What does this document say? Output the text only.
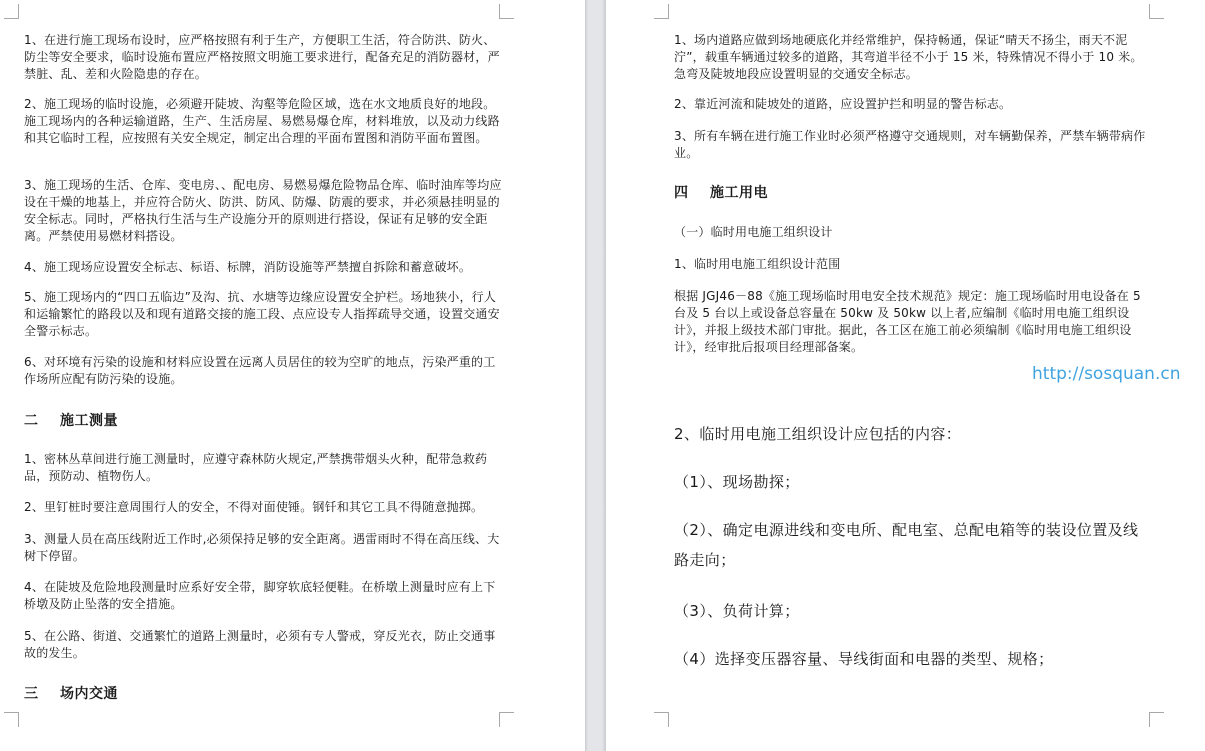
1、在进行施工现场布设时，应严格按照有利于生产，方便职工生活，符合防洪、防火、防尘等安全要求，临时设施布置应严格按照文明施工要求进行，配备充足的消防器材，严禁脏、乱、差和火险隐患的存在。

2、施工现场的临时设施，必须避开陡坡、沟壑等危险区域，选在水文地质良好的地段。施工现场内的各种运输道路，生产、生活房屋、易燃易爆仓库，材料堆放，以及动力线路和其它临时工程，应按照有关安全规定，制定出合理的平面布置图和消防平面布置图。

3、施工现场的生活、仓库、变电房、、配电房、易燃易爆危险物品仓库、临时油库等均应设在干燥的地基上，并应符合防火、防洪、防风、防爆、防震的要求，并必须悬挂明显的安全标志。同时，严格执行生活与生产设施分开的原则进行搭设，保证有足够的安全距离。严禁使用易燃材料搭设。

4、施工现场应设置安全标志、标语、标牌，消防设施等严禁擅自拆除和蓄意破坏。

5、施工现场内的“四口五临边”及沟、抗、水塘等边缘应设置安全护栏。场地狭小，行人和运输繁忙的路段以及和现有道路交接的施工段、点应设专人指挥疏导交通，设置交通安全警示标志。

6、对环境有污染的设施和材料应设置在远离人员居住的较为空旷的地点，污染严重的工作场所应配有防污染的设施。

二 施工测量

1、密林丛草间进行施工测量时，应遵守森林防火规定,严禁携带烟头火种，配带急救药品，预防动、植物伤人。

2、里钉桩时要注意周围行人的安全，不得对面使锤。钢钎和其它工具不得随意抛掷。

3、测量人员在高压线附近工作时,必须保持足够的安全距离。遇雷雨时不得在高压线、大树下停留。

4、在陡坡及危险地段测量时应系好安全带，脚穿软底轻便鞋。在桥墩上测量时应有上下桥墩及防止坠落的安全措施。

5、在公路、街道、交通繁忙的道路上测量时，必须有专人警戒，穿反光衣，防止交通事故的发生。

三 场内交通

1、场内道路应做到场地硬底化并经常维护，保持畅通，保证“晴天不扬尘，雨天不泥泞”，载重车辆通过较多的道路，其弯道半径不小于 15 米，特殊情况不得小于 10 米。急弯及陡坡地段应设置明显的交通安全标志。

2、靠近河流和陡坡处的道路，应设置护拦和明显的警告标志。

3、所有车辆在进行施工作业时必须严格遵守交通规则，对车辆勤保养，严禁车辆带病作业。

四 施工用电

（一）临时用电施工组织设计

1、临时用电施工组织设计范围

根据 JGJ46－88《施工现场临时用电安全技术规范》规定：施工现场临时用电设备在 5 台及 5 台以上或设备总容量在 50kw 及 50kw 以上者,应编制《临时用电施工组织设计》，并报上级技术部门审批。据此，各工区在施工前必须编制《临时用电施工组织设计》，经审批后报项目经理部备案。

http://sosquan.cn

2、临时用电施工组织设计应包括的内容：

（1）、现场勘探；

（2）、确定电源进线和变电所、配电室、总配电箱等的装设位置及线路走向；

（3）、负荷计算；

（4）选择变压器容量、导线街面和电器的类型、规格；
